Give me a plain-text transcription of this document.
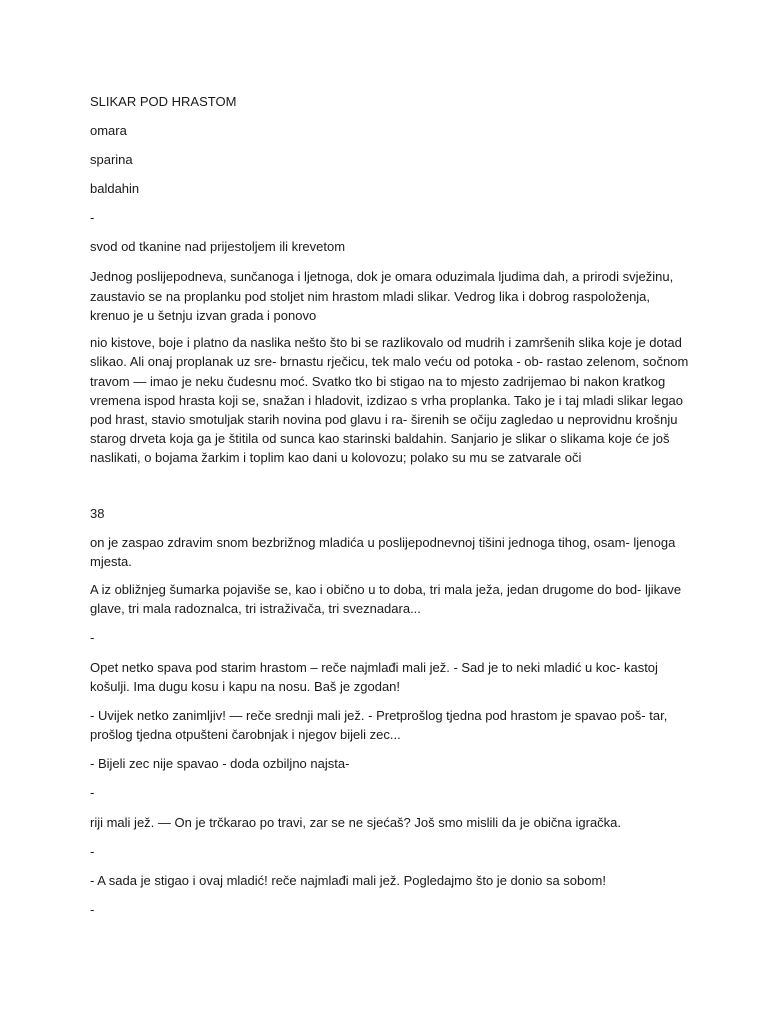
SLIKAR POD HRASTOM
omara
sparina
baldahin
-
svod od tkanine nad prijestoljem ili krevetom
Jednog poslijepodneva, sunčanoga i ljetnoga, dok je omara oduzimala ljudima dah, a prirodi svježinu,
zaustavio se na proplanku pod stoljet nim hrastom mladi slikar. Vedrog lika i dobrog raspoloženja,
krenuo je u šetnju izvan grada i ponovo
nio kistove, boje i platno da naslika nešto što bi se razlikovalo od mudrih i zamršenih slika koje je dotad
slikao. Ali onaj proplanak uz sre- brnastu rječicu, tek malo veću od potoka - ob- rastao zelenom, sočnom
travom — imao je neku čudesnu moć. Svatko tko bi stigao na to mjesto zadrijemao bi nakon kratkog
vremena ispod hrasta koji se, snažan i hladovit, izdizao s vrha proplanka. Tako je i taj mladi slikar legao
pod hrast, stavio smotuljak starih novina pod glavu i ra- širenih se očiju zagledao u neprovidnu krošnju
starog drveta koja ga je štitila od sunca kao starinski baldahin. Sanjario je slikar o slikama koje će još
naslikati, o bojama žarkim i toplim kao dani u kolovozu; polako su mu se zatvarale oči
38
on je zaspao zdravim snom bezbrižnog mladića u poslijepodnevnoj tišini jednoga tihog, osam- ljenoga
mjesta.
A iz obližnjeg šumarka pojaviše se, kao i obično u to doba, tri mala ježa, jedan drugome do bod- ljikave
glave, tri mala radoznalca, tri istraživača, tri sveznadara...
-
Opet netko spava pod starim hrastom – reče najmlađi mali jež. - Sad je to neki mladić u koc- kastoj
košulji. Ima dugu kosu i kapu na nosu. Baš je zgodan!
- Uvijek netko zanimljiv! — reče srednji mali jež. - Pretprošlog tjedna pod hrastom je spavao poš- tar,
prošlog tjedna otpušteni čarobnjak i njegov bijeli zec...
- Bijeli zec nije spavao - doda ozbiljno najsta-
-
riji mali jež. — On je trčkarao po travi, zar se ne sjećaš? Još smo mislili da je obična igračka.
-
- A sada je stigao i ovaj mladić! reče najmlađi mali jež. Pogledajmo što je donio sa sobom!
-
